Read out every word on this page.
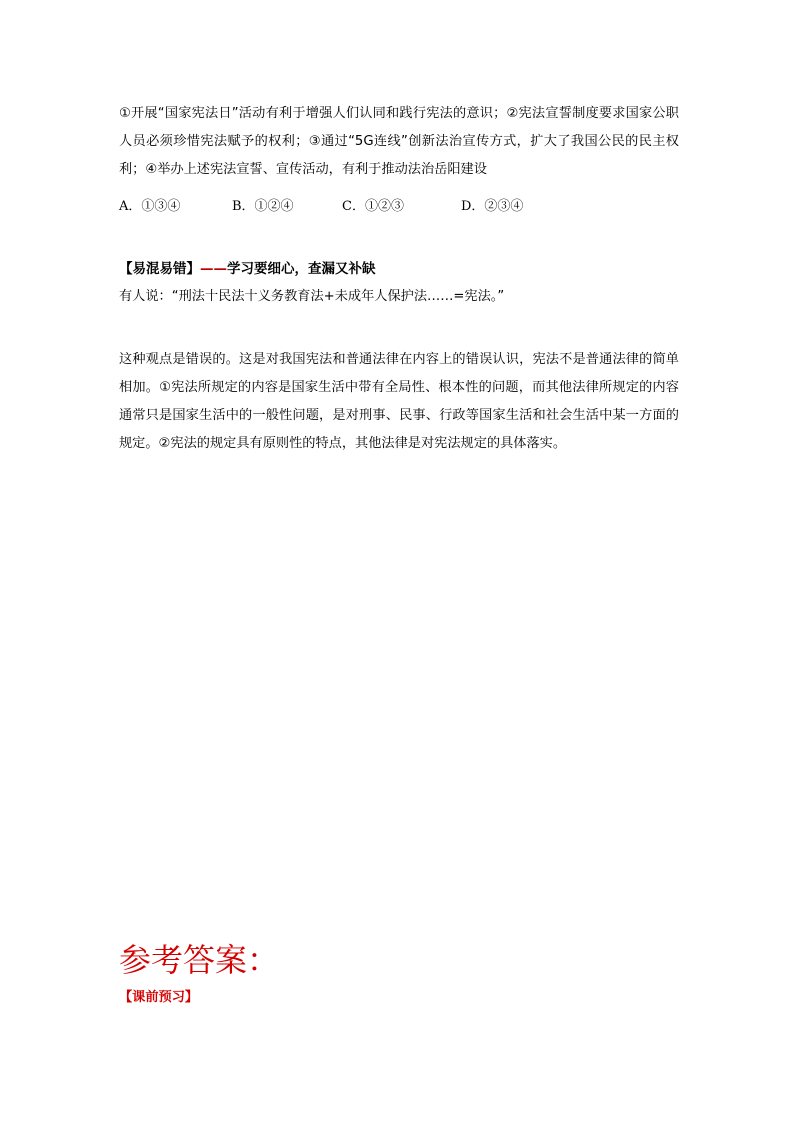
①开展“国家宪法日”活动有利于增强人们认同和践行宪法的意识；②宪法宣誓制度要求国家公职人员必须珍惜宪法赋予的权利；③通过“5G连线”创新法治宣传方式，扩大了我国公民的民主权利；④举办上述宪法宣誓、宣传活动，有利于推动法治岳阳建设

A．①③④	B．①②④	C．①②③	D．②③④
【易混易错】——学习要细心，查漏又补缺
有人说：“刑法十民法十义务教育法+未成年人保护法……=宪法。”

这种观点是错误的。这是对我国宪法和普通法律在内容上的错误认识，宪法不是普通法律的简单相加。①宪法所规定的内容是国家生活中带有全局性、根本性的问题，而其他法律所规定的内容通常只是国家生活中的一般性问题，是对刑事、民事、行政等国家生活和社会生活中某一方面的规定。②宪法的规定具有原则性的特点，其他法律是对宪法规定的具体落实。

参考答案：
【课前预习】
